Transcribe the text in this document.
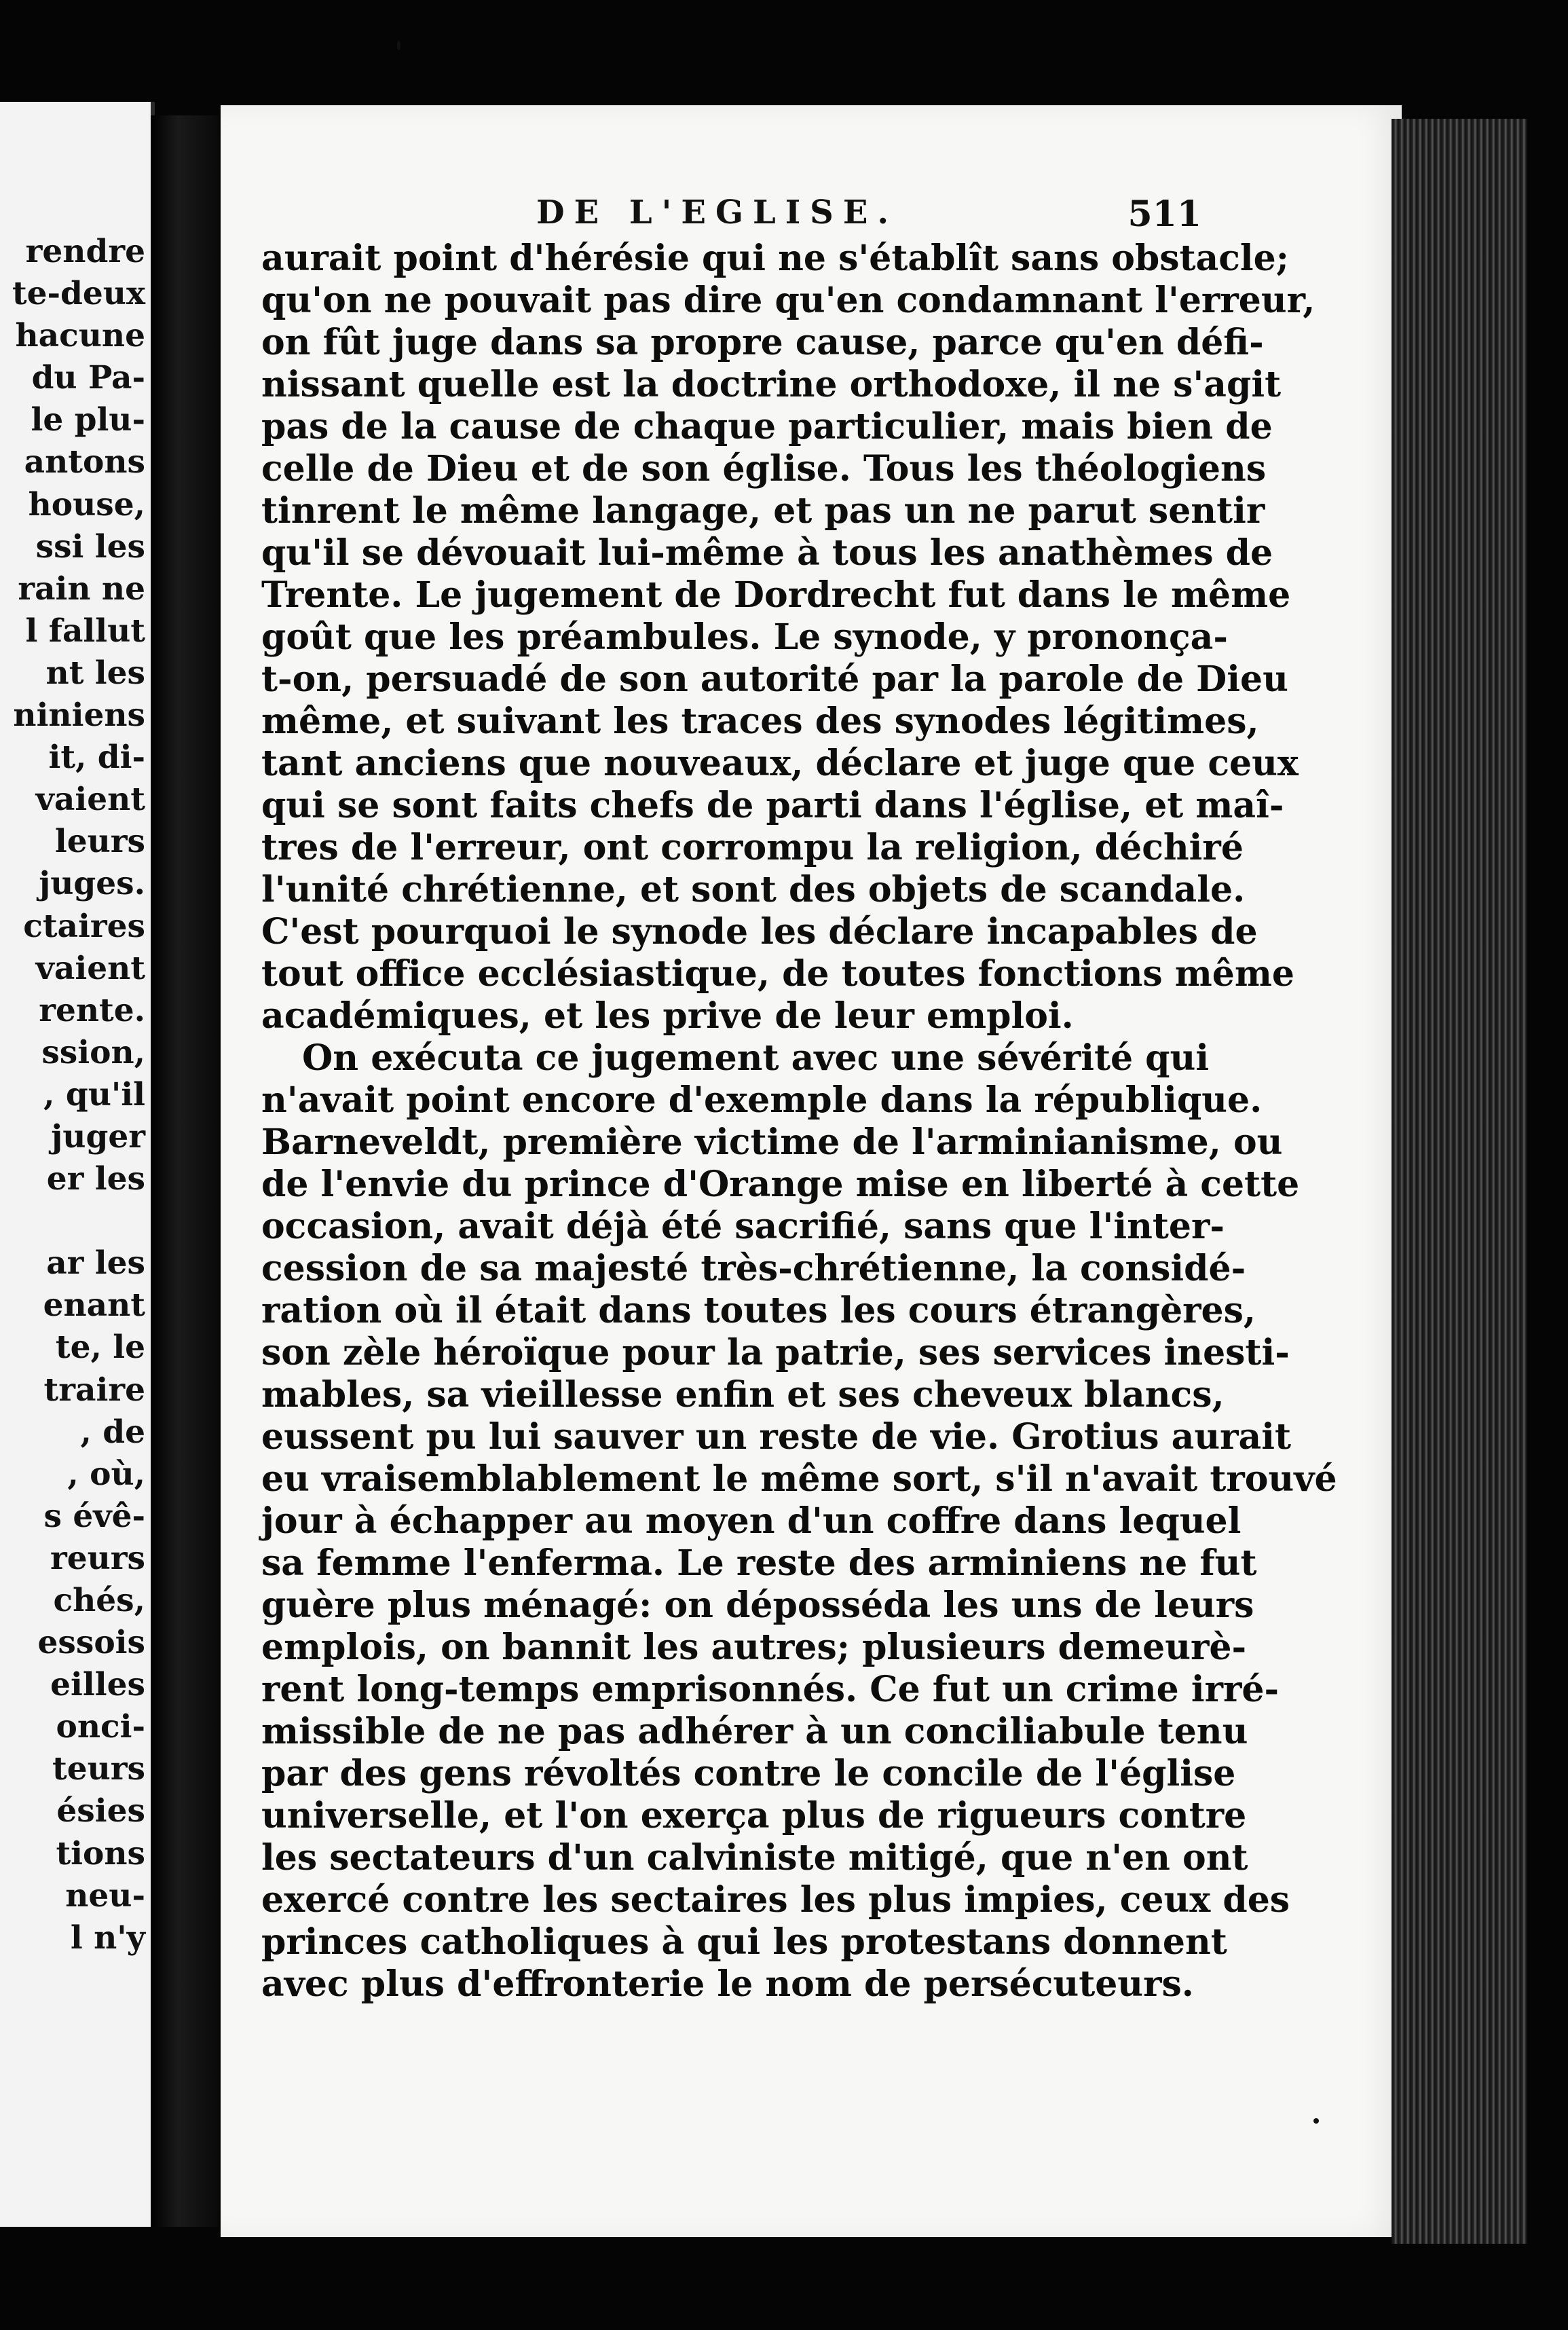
rendre
te-deux
hacune
du Pa-
le plu-
antons
house,
ssi les
rain ne
l fallut
nt les
niniens
it, di-
vaient
leurs
juges.
ctaires
vaient
rente.
ssion,
, qu'il
juger
er les

ar les
enant
te, le
traire
, de
, où,
s évê-
reurs
chés,
essois
eilles
onci-
teurs
ésies
tions
neu-
l n'y
DE L'EGLISE.	511
aurait point d'hérésie qui ne s'établît sans obstacle;
qu'on ne pouvait pas dire qu'en condamnant l'erreur,
on fût juge dans sa propre cause, parce qu'en défi-
nissant quelle est la doctrine orthodoxe, il ne s'agit
pas de la cause de chaque particulier, mais bien de
celle de Dieu et de son église. Tous les théologiens
tinrent le même langage, et pas un ne parut sentir
qu'il se dévouait lui-même à tous les anathèmes de
Trente. Le jugement de Dordrecht fut dans le même
goût que les préambules. Le synode, y prononça-
t-on, persuadé de son autorité par la parole de Dieu
même, et suivant les traces des synodes légitimes,
tant anciens que nouveaux, déclare et juge que ceux
qui se sont faits chefs de parti dans l'église, et maî-
tres de l'erreur, ont corrompu la religion, déchiré
l'unité chrétienne, et sont des objets de scandale.
C'est pourquoi le synode les déclare incapables de
tout office ecclésiastique, de toutes fonctions même
académiques, et les prive de leur emploi.
On exécuta ce jugement avec une sévérité qui
n'avait point encore d'exemple dans la république.
Barneveldt, première victime de l'arminianisme, ou
de l'envie du prince d'Orange mise en liberté à cette
occasion, avait déjà été sacrifié, sans que l'inter-
cession de sa majesté très-chrétienne, la considé-
ration où il était dans toutes les cours étrangères,
son zèle héroïque pour la patrie, ses services inesti-
mables, sa vieillesse enfin et ses cheveux blancs,
eussent pu lui sauver un reste de vie. Grotius aurait
eu vraisemblablement le même sort, s'il n'avait trouvé
jour à échapper au moyen d'un coffre dans lequel
sa femme l'enferma. Le reste des arminiens ne fut
guère plus ménagé: on dépossédа les uns de leurs
emplois, on bannit les autres; plusieurs demeurè-
rent long-temps emprisonnés. Ce fut un crime irré-
missible de ne pas adhérer à un conciliabule tenu
par des gens révoltés contre le concile de l'église
universelle, et l'on exerça plus de rigueurs contre
les sectateurs d'un calviniste mitigé, que n'en ont
exercé contre les sectaires les plus impies, ceux des
princes catholiques à qui les protestans donnent
avec plus d'effronterie le nom de persécuteurs.
